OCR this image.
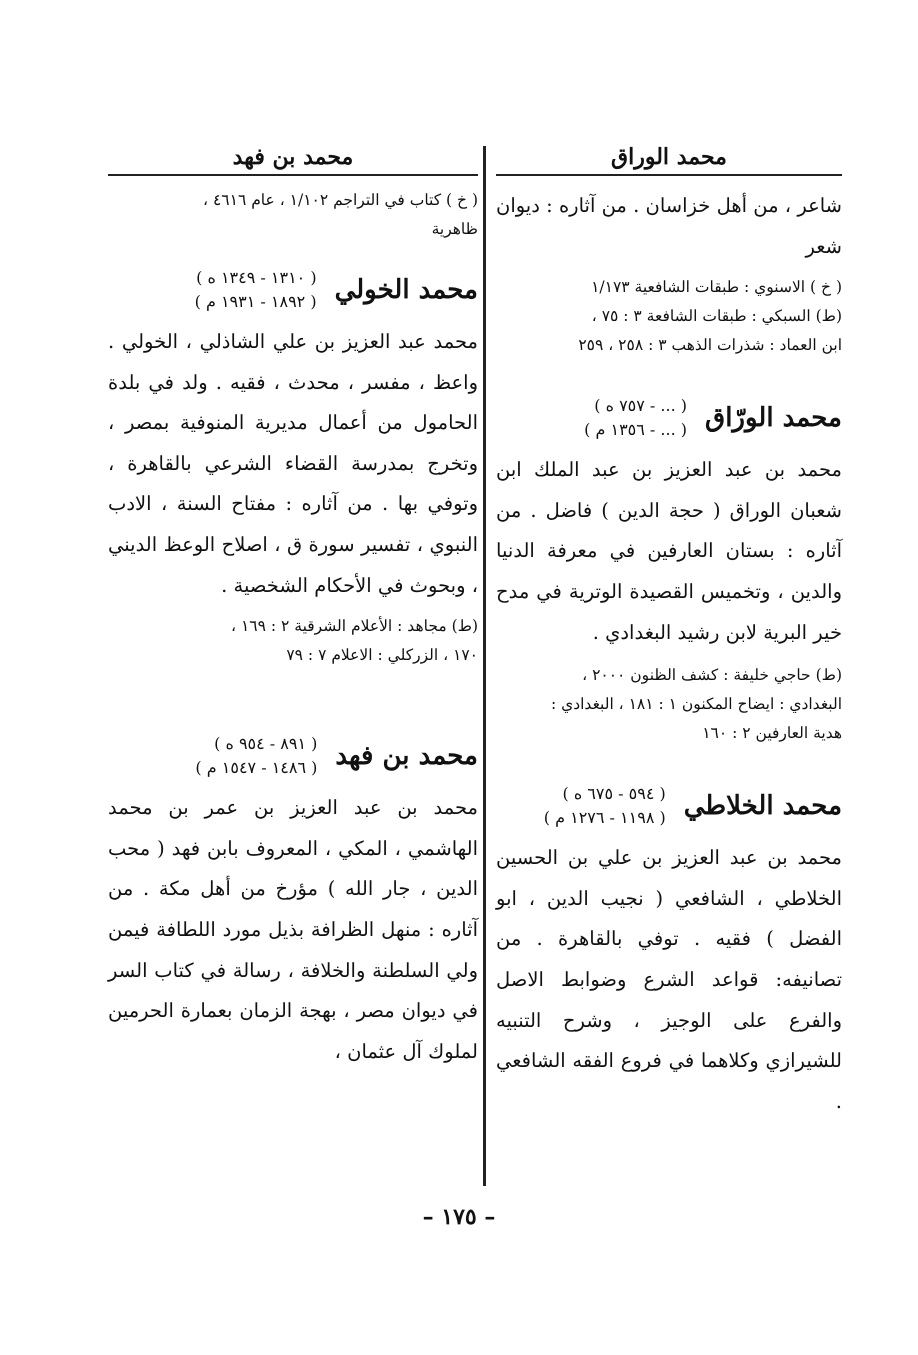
محمد الوراق

شاعر ، من أهل خزاسان . من آثاره : ديوان شعر

( خ ) الاسنوي : طبقات الشافعية ١/١٧٣

(ط) السبكي : طبقات الشافعة ٣ : ٧٥ ،

ابن العماد : شذرات الذهب ٣ : ٢٥٨ ، ٢٥٩

محمد الورّاق
( ... - ٧٥٧ ه )
( ... - ١٣٥٦ م )

محمد بن عبد العزيز بن عبد الملك ابن شعبان الوراق ( حجة الدين ) فاضل . من آثاره : بستان العارفين في معرفة الدنيا والدين ، وتخميس القصيدة الوترية في مدح خير البرية لابن رشيد البغدادي .

(ط) حاجي خليفة : كشف الظنون ٢٠٠٠ ،

البغدادي : ايضاح المكنون ١ : ١٨١ ، البغدادي :

هدية العارفين ٢ : ١٦٠

محمد الخلاطي
( ٥٩٤ - ٦٧٥ ه )
( ١١٩٨ - ١٢٧٦ م )

محمد بن عبد العزيز بن علي بن الحسين الخلاطي ، الشافعي ( نجيب الدين ، ابو الفضل ) فقيه . توفي بالقاهرة . من تصانيفه: قواعد الشرع وضوابط الاصل والفرع على الوجيز ، وشرح التنبيه للشيرازي وكلاهما في فروع الفقه الشافعي .

محمد بن فهد

( خ ) كتاب في التراجم ١/١٠٢ ، عام ٤٦١٦ ،

ظاهرية

محمد الخولي
( ١٣١٠ - ١٣٤٩ ه )
( ١٨٩٢ - ١٩٣١ م )

محمد عبد العزيز بن علي الشاذلي ، الخولي . واعظ ، مفسر ، محدث ، فقيه . ولد في بلدة الحامول من أعمال مديرية المنوفية بمصر ، وتخرج بمدرسة القضاء الشرعي بالقاهرة ، وتوفي بها . من آثاره : مفتاح السنة ، الادب النبوي ، تفسير سورة ق ، اصلاح الوعظ الديني ، وبحوث في الأحكام الشخصية .

(ط) مجاهد : الأعلام الشرقية ٢ : ١٦٩ ،

١٧٠ ، الزركلي : الاعلام ٧ : ٧٩

محمد بن فهد
( ٨٩١ - ٩٥٤ ه )
( ١٤٨٦ - ١٥٤٧ م )

محمد بن عبد العزيز بن عمر بن محمد الهاشمي ، المكي ، المعروف بابن فهد ( محب الدين ، جار الله ) مؤرخ من أهل مكة . من آثاره : منهل الظرافة بذيل مورد اللطافة فيمن ولي السلطنة والخلافة ، رسالة في كتاب السر في ديوان مصر ، بهجة الزمان بعمارة الحرمين لملوك آل عثمان ،

– ١٧٥ –
